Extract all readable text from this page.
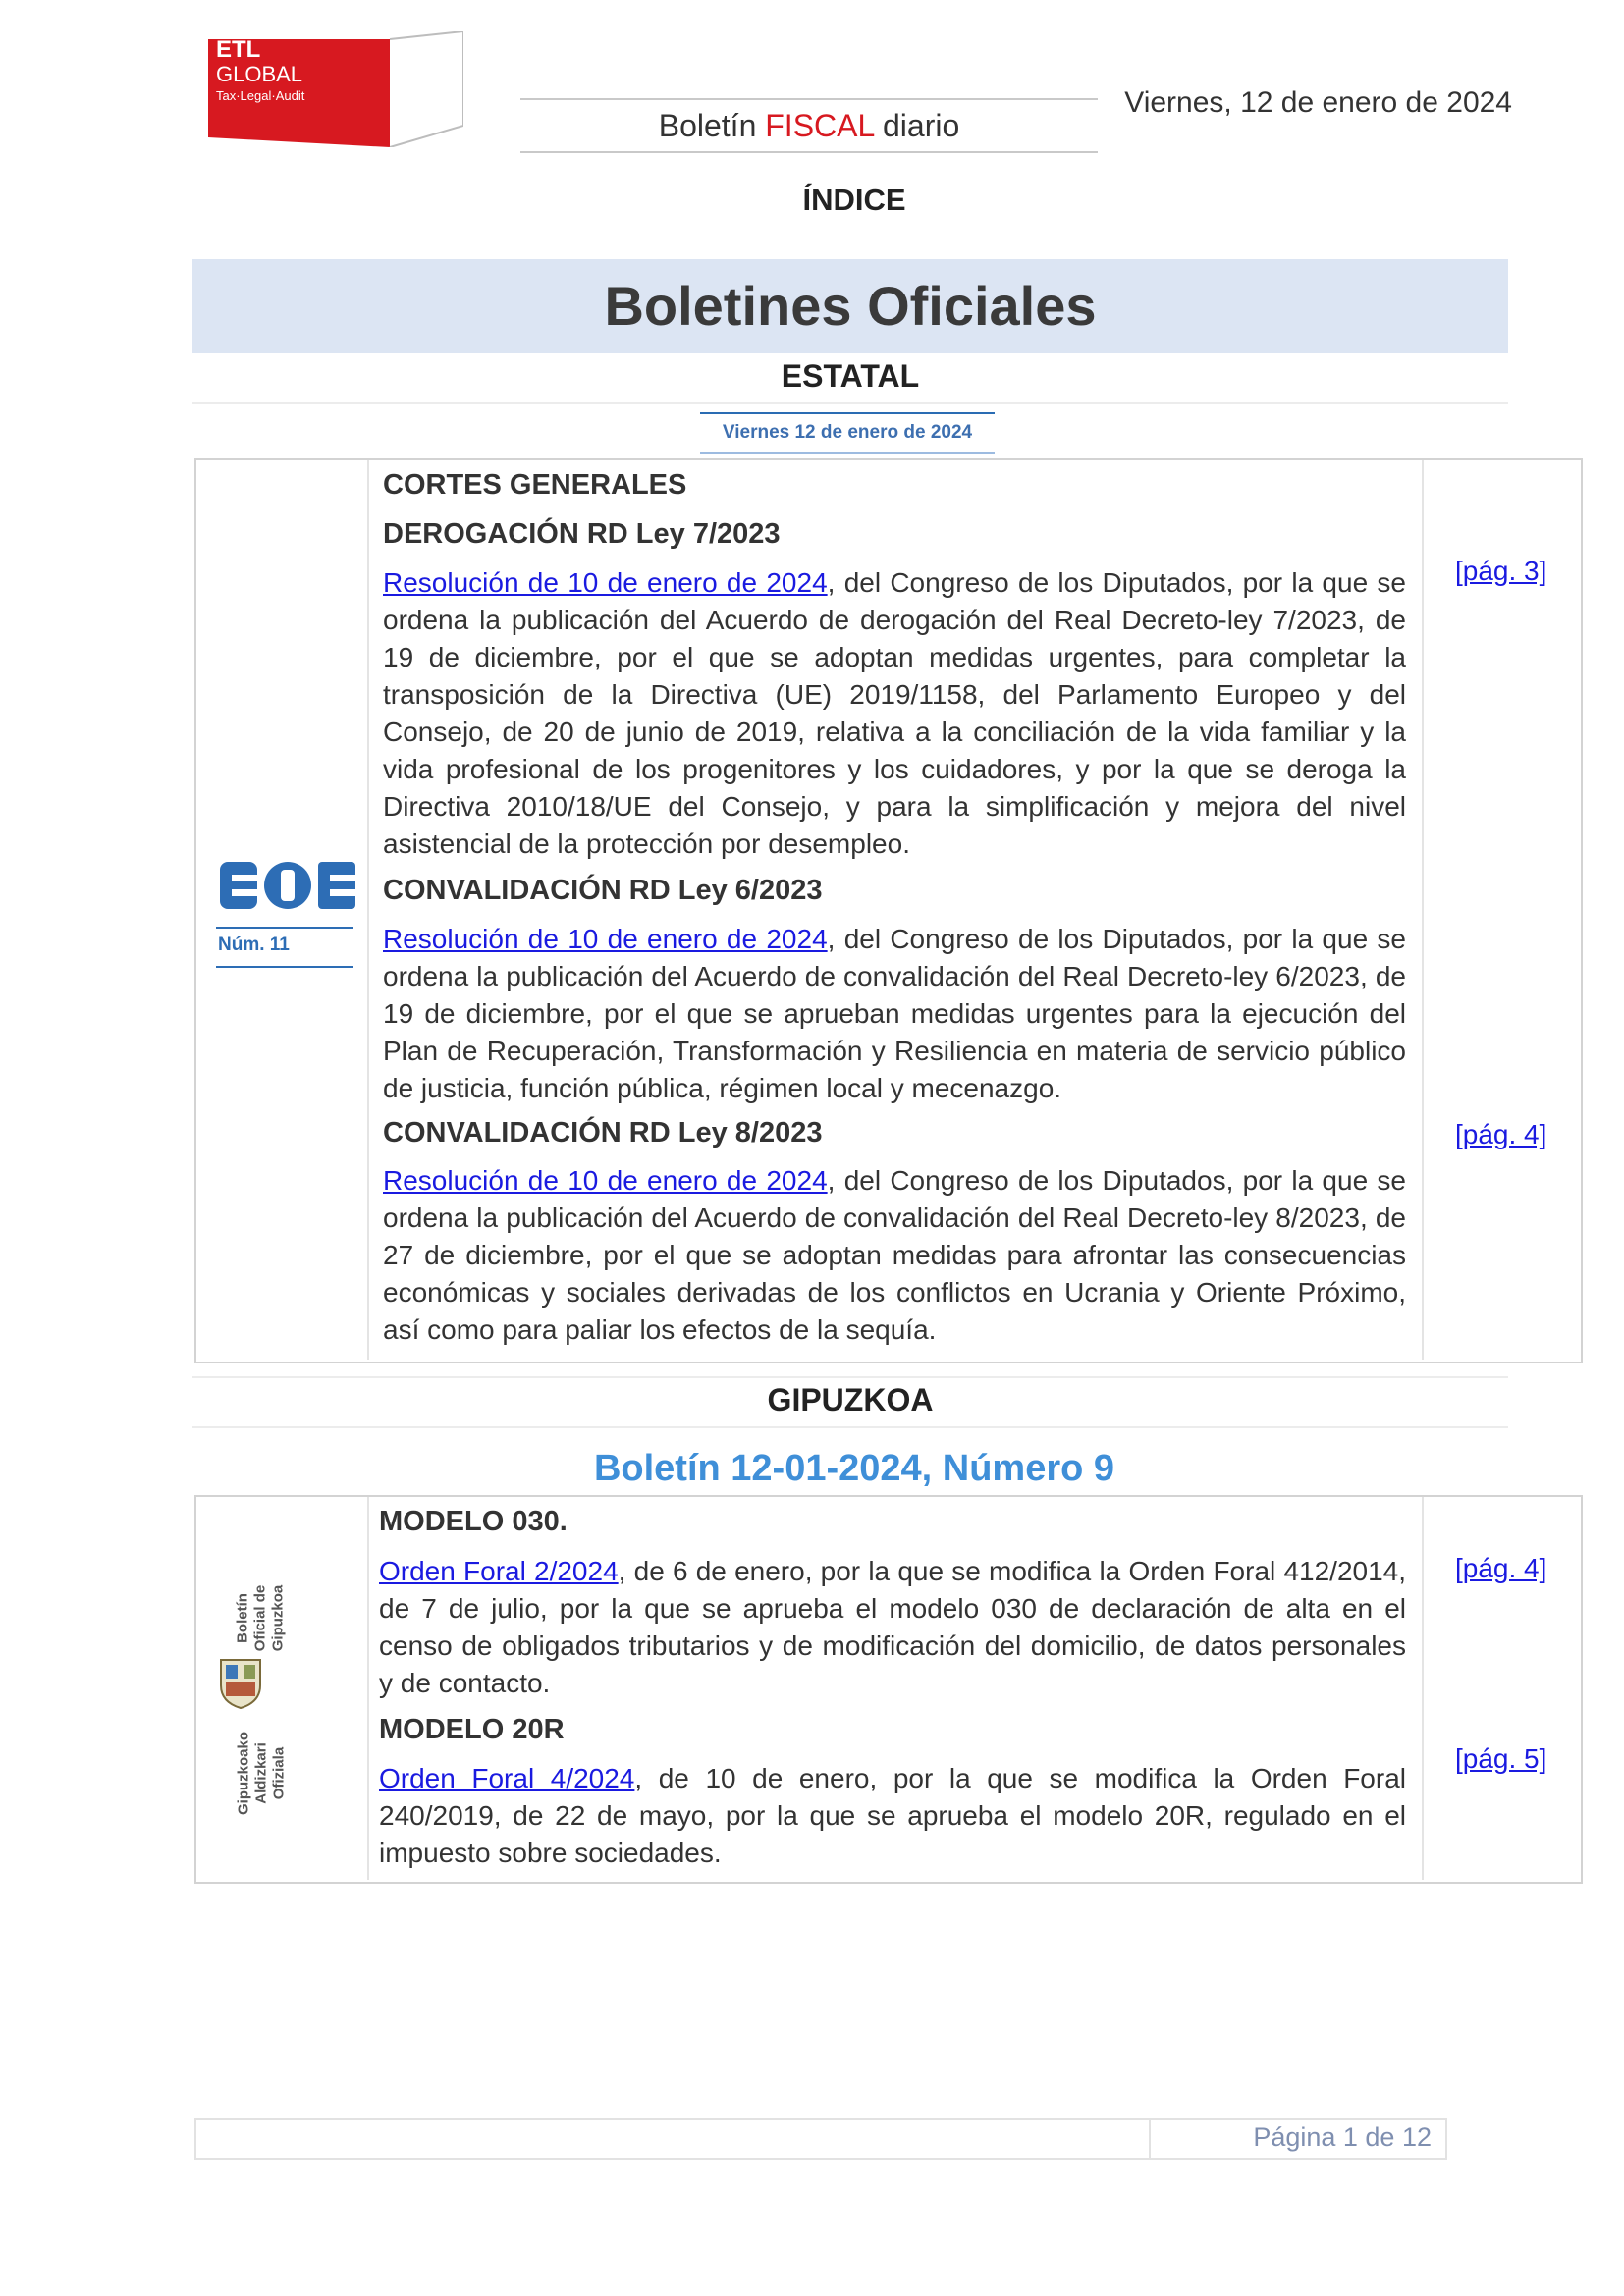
ETL
GLOBAL
Tax·Legal·Audit
Boletín FISCAL diario
Viernes, 12 de enero de 2024
ÍNDICE
Boletines Oficiales
ESTATAL
Viernes 12 de enero de 2024
Núm. 11
CORTES GENERALES
DEROGACIÓN RD Ley 7/2023
Resolución de 10 de enero de 2024, del Congreso de los Diputados, por la que se ordena la publicación del Acuerdo de derogación del Real Decreto-ley 7/2023, de 19 de diciembre, por el que se adoptan medidas urgentes, para completar la transposición de la Directiva (UE) 2019/1158, del Parlamento Europeo y del Consejo, de 20 de junio de 2019, relativa a la conciliación de la vida familiar y la vida profesional de los progenitores y los cuidadores, y por la que se deroga la Directiva 2010/18/UE del Consejo, y para la simplificación y mejora del nivel asistencial de la protección por desempleo.
[pág. 3]
CONVALIDACIÓN RD Ley 6/2023
Resolución de 10 de enero de 2024, del Congreso de los Diputados, por la que se ordena la publicación del Acuerdo de convalidación del Real Decreto-ley 6/2023, de 19 de diciembre, por el que se aprueban medidas urgentes para la ejecución del Plan de Recuperación, Transformación y Resiliencia en materia de servicio público de justicia, función pública, régimen local y mecenazgo.
CONVALIDACIÓN RD Ley 8/2023
Resolución de 10 de enero de 2024, del Congreso de los Diputados, por la que se ordena la publicación del Acuerdo de convalidación del Real Decreto-ley 8/2023, de 27 de diciembre, por el que se adoptan medidas para afrontar las consecuencias económicas y sociales derivadas de los conflictos en Ucrania y Oriente Próximo, así como para paliar los efectos de la sequía.
[pág. 4]
GIPUZKOA
Boletín 12-01-2024, Número 9
Boletín Oficial de Gipuzkoa
Gipuzkoako Aldizkari Ofiziala
MODELO 030.
Orden Foral 2/2024, de 6 de enero, por la que se modifica la Orden Foral 412/2014, de 7 de julio, por la que se aprueba el modelo 030 de declaración de alta en el censo de obligados tributarios y de modificación del domicilio, de datos personales y de contacto.
[pág. 4]
MODELO 20R
Orden Foral 4/2024, de 10 de enero, por la que se modifica la Orden Foral 240/2019, de 22 de mayo, por la que se aprueba el modelo 20R, regulado en el impuesto sobre sociedades.
[pág. 5]
Página 1 de 12
